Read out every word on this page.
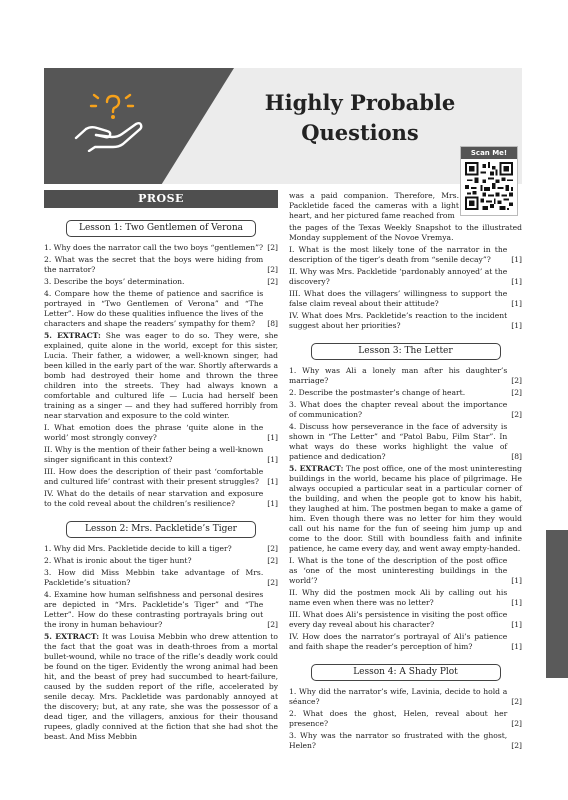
Highly Probable
Questions
Scan Me!
PROSE
Lesson 1: Two Gentlemen of Verona
1. Why does the narrator call the two boys “gentlemen”? [2]
2. What was the secret that the boys were hiding from the narrator?	[2]
3. Describe the boys’ determination.	[2]
4. Compare how the theme of patience and sacrifice is portrayed in “Two Gentlemen of Verona” and “The Letter”. How do these qualities influence the lives of the characters and shape the readers’ sympathy for them?	[8]
5. EXTRACT: She was eager to do so. They were, she explained, quite alone in the world, except for this sister, Lucia. Their father, a widower, a well-known singer, had been killed in the early part of the war. Shortly afterwards a bomb had destroyed their home and thrown the three children into the streets. They had always known a comfortable and cultured life — Lucia had herself been training as a singer — and they had suffered horribly from near starvation and exposure to the cold winter.
I. What emotion does the phrase ‘quite alone in the world’ most strongly convey?	[1]
II. Why is the mention of their father being a well-known singer significant in this context?	[1]
III. How does the description of their past ‘comfortable and cultured life’ contrast with their present struggles?	[1]
IV. What do the details of near starvation and exposure to the cold reveal about the children’s resilience?	[1]
Lesson 2: Mrs. Packletide’s Tiger
1. Why did Mrs. Packletide decide to kill a tiger?	[2]
2. What is ironic about the tiger hunt?	[2]
3. How did Miss Mebbin take advantage of Mrs. Packletide’s situation?	[2]
4. Examine how human selfishness and personal desires are depicted in “Mrs. Packletide’s Tiger” and “The Letter”. How do these contrasting portrayals bring out the irony in human behaviour?	[2]
5. EXTRACT: It was Louisa Mebbin who drew attention to the fact that the goat was in death-throes from a mortal bullet-wound, while no trace of the rifle’s deadly work could be found on the tiger. Evidently the wrong animal had been hit, and the beast of prey had succumbed to heart-failure, caused by the sudden report of the rifle, accelerated by senile decay. Mrs. Packletide was pardonably annoyed at the discovery; but, at any rate, she was the possessor of a dead tiger, and the villagers, anxious for their thousand rupees, gladly connived at the fiction that she had shot the beast. And Miss Mebbin
was a paid companion. Therefore, Mrs. Packletide faced the cameras with a light heart, and her pictured fame reached from
the pages of the Texas Weekly Snapshot to the illustrated Monday supplement of the Novoe Vremya.
I. What is the most likely tone of the narrator in the description of the tiger’s death from “senile decay”?	[1]
II. Why was Mrs. Packletide ‘pardonably annoyed’ at the discovery?	[1]
III. What does the villagers’ willingness to support the false claim reveal about their attitude?	[1]
IV. What does Mrs. Packletide’s reaction to the incident suggest about her priorities?	[1]
Lesson 3: The Letter
1. Why was Ali a lonely man after his daughter’s marriage?	[2]
2. Describe the postmaster’s change of heart.	[2]
3. What does the chapter reveal about the importance of communication?	[2]
4. Discuss how perseverance in the face of adversity is shown in “The Letter” and “Patol Babu, Film Star”. In what ways do these works highlight the value of patience and dedication?	[8]
5. EXTRACT: The post office, one of the most uninteresting buildings in the world, became his place of pilgrimage. He always occupied a particular seat in a particular corner of the building, and when the people got to know his habit, they laughed at him. The postmen began to make a game of him. Even though there was no letter for him they would call out his name for the fun of seeing him jump up and come to the door. Still with boundless faith and infinite patience, he came every day, and went away empty-handed.
I. What is the tone of the description of the post office as ‘one of the most uninteresting buildings in the world’?	[1]
II. Why did the postmen mock Ali by calling out his name even when there was no letter?	[1]
III. What does Ali’s persistence in visiting the post office every day reveal about his character?	[1]
IV. How does the narrator’s portrayal of Ali’s patience and faith shape the reader’s perception of him?	[1]
Lesson 4: A Shady Plot
1. Why did the narrator’s wife, Lavinia, decide to hold a séance?	[2]
2. What does the ghost, Helen, reveal about her presence?	[2]
3. Why was the narrator so frustrated with the ghost, Helen?	[2]
